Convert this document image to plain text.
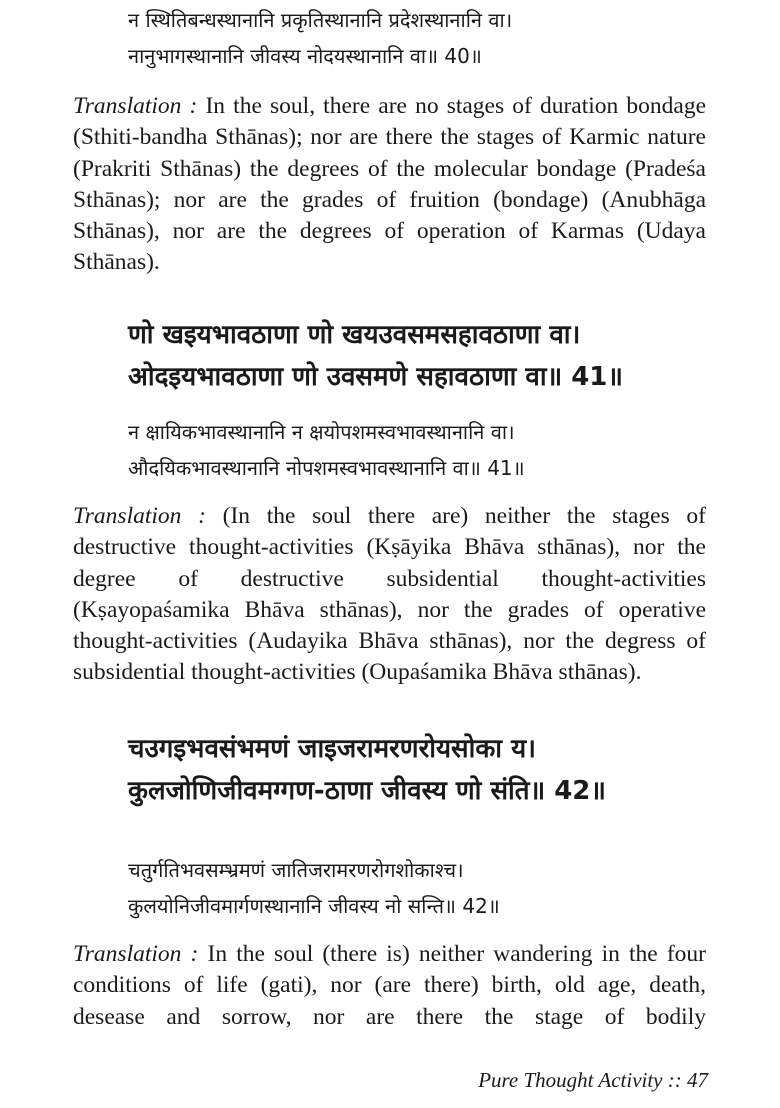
न स्थितिबन्धस्थानानि प्रकृतिस्थानानि प्रदेशस्थानानि वा।
नानुभागस्थानानि जीवस्य नोदयस्थानानि वा॥ 40॥
Translation : In the soul, there are no stages of duration bondage (Sthiti-bandha Sthānas); nor are there the stages of Karmic nature (Prakriti Sthānas) the degrees of the molecular bondage (Pradeśa Sthānas); nor are the grades of fruition (bondage) (Anubhāga Sthānas), nor are the degrees of operation of Karmas (Udaya Sthānas).
णो खइयभावठाणा णो खयउवसमसहावठाणा वा।
ओदइयभावठाणा णो उवसमणे सहावठाणा वा॥ 41॥
न क्षायिकभावस्थानानि न क्षयोपशमस्वभावस्थानानि वा।
औदयिकभावस्थानानि नोपशमस्वभावस्थानानि वा॥ 41॥
Translation : (In the soul there are) neither the stages of destructive thought-activities (Kṣāyika Bhāva sthānas), nor the degree of destructive subsidential thought-activities (Kṣayopaśamika Bhāva sthānas), nor the grades of operative thought-activities (Audayika Bhāva sthānas), nor the degress of subsidential thought-activities (Oupaśamika Bhāva sthānas).
चउगइभवसंभमणं जाइजरामरणरोयसोका य।
कुलजोणिजीवमग्गण-ठाणा जीवस्य णो संति॥ 42॥
चतुर्गतिभवसम्भ्रमणं जातिजरामरणरोगशोकाश्च।
कुलयोनिजीवमार्गणस्थानानि जीवस्य नो सन्ति॥ 42॥
Translation : In the soul (there is) neither wandering in the four conditions of life (gati), nor (are there) birth, old age, death, desease and sorrow, nor are there the stage of bodily
Pure Thought Activity :: 47
